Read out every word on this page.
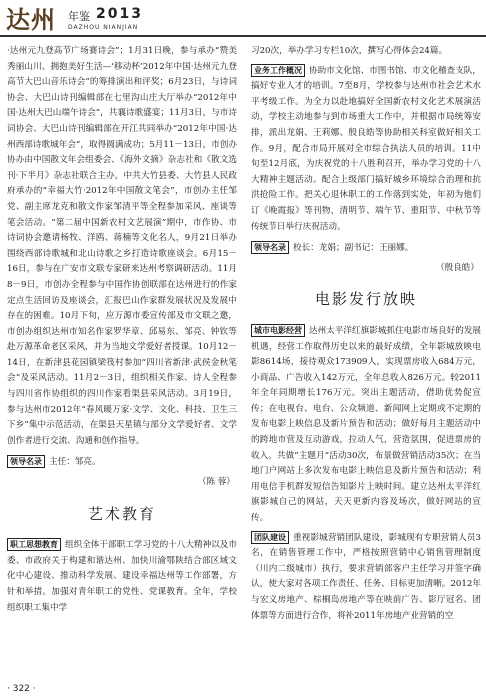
达州 年鉴 2013
DAZHOU NIANJIAN

·达州元九登高节广场赛诗会”；1月31日晚，参与承办“赞美秀丽山川、拥抱美好生活—‘移动杯’2012年中国·达州元九登高节大巴山音乐诗会”的筹排演出和评奖；6月23日，与诗词协会、大巴山诗刊编辑部在七里沟山庄大厅举办“2012年中国·达州大巴山端午诗会”，共襄诗歌盛宴；11月3日，与市诗词协会、大巴山诗刊编辑部在开江共同举办“2012年中国·达州西部诗歌城年会”，取得圆满成功；5月11－13日，市创办协办由中国散文年会组委会、《海外文摘》杂志社和《散文选刊·下半月》杂志社联合主办，中共大竹县委、大竹县人民政府承办的“幸福大竹·2012年中国散文笔会”，市创办主任邹党、副主席龙克和散文作家邹清平等全程参加采风、座谈等笔会活动。“第二届中国新农村文艺展演”期中，市作协、市诗词协会邀请杨牧、洋鸥、蒋楠等文化名人，9月21日举办围绕西部诗歌城和北山诗歌之乡打造诗歌座谈会。6月15－16日，参与在广安市文联专家研来达州考察调研活动。11月8－9日，市创办全程参与中国作协创联部在达州进行的作家定点生活回访及座谈会，汇报巴山作家群发展状况及发展中存在的困难。10月下旬，应万源市委宣传部及市文联之邀，市创办组织达州市知名作家罗华章、邱易东、邹亮、钟钦等赴万源革命老区采风，并为当地文学爱好者授课。10月12－14日，在新津县花园镇梁筏村参加“四川省新津·武侯金秋笔会”及采风活动。11月2－3日，组织相关作家、诗人全程参与四川省作协组织的四川作家看渠县采风活动。3月19日，参与达州市2012年“春风暖万家·文学、文化、科技、卫生三下乡”集中示范活动，在渠县天星镇与部分文学爱好者、文学创作者进行交流、沟通和创作指导。

领导名录 主任：邹亮。

（陈 蓉）

艺术教育

职工思想教育 组织全体干部职工学习党的十八大精神以及市委、市政府关于构建和谐达州、加快川渝鄂陕结合部区域文化中心建设、推动科学发展、建设幸福达州等工作部署，方针和举措。加强对青年职工的党性、党课教育。全年，学校组织职工集中学

习20次，举办学习专栏10次，撰写心得体会24篇。

业务工作概况 协助市文化馆、市图书馆、市文化稽查支队，搞好专业人才的培训。7至8月，学校参与达州市社会艺术水平考级工作。为全力以赴地搞好全国新农村文化艺术展演活动，学校主动地参与到市场重大工作中，并根据市局统筹安排，派出龙娟、王莉娜、殷良皓等协助相关科室做好相关工作。9月，配合市局开展对全市综合执法人员的培训。11中旬至12月底，为庆祝党的十八胜利召开，举办学习党的十八大精神主题活动。配合上级部门搞好城乡环境综合治理和抗洪抢险工作。把关心退休职工的工作落到实处，年初为他们订《晚霞报》等刊物，清明节、端午节、重阳节、中秋节等传统节日举行庆祝活动。

领导名录 校长：龙娟；副书记：王丽娜。

（殷良皓）

电影发行放映

城市电影经营 达州太平洋红旗影城抓住电影市场良好的发展机遇，经营工作取得历史以来的最好成绩，全年影城放映电影8614场，接待观众173909人，实现票房收入684万元，小商品、广告收入142万元，全年总收入826万元。较2011年全年同期增长176万元。突出主题活动，借助优势促宣传；在电视台、电台、公众频道、新闻网上定期或不定期的发布电影上映信息及新片预告和活动；做好每月主题活动中的跨地市营及互动游戏，拉动人气，营造氛围，促进票房的收入。共做“主题月”活动30次，布景做营销活动35次；在当地门户网站上多次发布电影上映信息及新片预告和活动；利用电信手机群发短信告知影片上映时间。建立达州太平洋红旗影城自己的网站，天天更新内容及场次，做好网站的宣传。

团队建设 重视影城营销团队建设，影城现有专职营销人员3名，在销售管理工作中，严格按照营销中心销售管理制度（川内二级城市）执行，要求营销部客户主任学习并签字确认，使大家对各项工作责任、任务、目标更加清晰。2012年与宏义房地产、棕榈岛房地产等在映前广告、影厅冠名、团体票等方面进行合作，将补2011年房地产业营销的空

· 322 ·
